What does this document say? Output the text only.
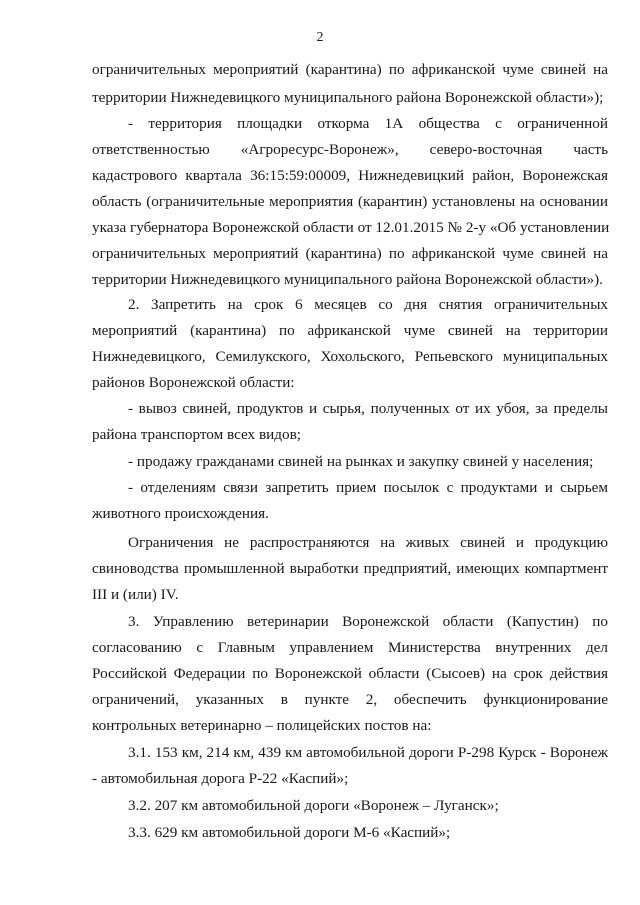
2
ограничительных мероприятий (карантина) по африканской чуме свиней на
территории Нижнедевицкого муниципального района Воронежской области»);
- территория площадки откорма 1А общества с ограниченной
ответственностью «Агроресурс-Воронеж», северо-восточная часть
кадастрового квартала 36:15:59:00009, Нижнедевицкий район, Воронежская
область (ограничительные мероприятия (карантин) установлены на основании
указа губернатора Воронежской области от 12.01.2015 № 2-у «Об установлении
ограничительных мероприятий (карантина) по африканской чуме свиней на
территории Нижнедевицкого муниципального района Воронежской области»).
2. Запретить на срок 6 месяцев со дня снятия ограничительных
мероприятий (карантина) по африканской чуме свиней на территории
Нижнедевицкого, Семилукского, Хохольского, Репьевского муниципальных
районов Воронежской области:
- вывоз свиней, продуктов и сырья, полученных от их убоя, за пределы
района транспортом всех видов;
- продажу гражданами свиней на рынках и закупку свиней у населения;
- отделениям связи запретить прием посылок с продуктами и сырьем
животного происхождения.
Ограничения не распространяются на живых свиней и продукцию
свиноводства промышленной выработки предприятий, имеющих компартмент
III и (или) IV.
3. Управлению ветеринарии Воронежской области (Капустин) по
согласованию с Главным управлением Министерства внутренних дел
Российской Федерации по Воронежской области (Сысоев) на срок действия
ограничений, указанных в пункте 2, обеспечить функционирование
контрольных ветеринарно – полицейских постов на:
3.1. 153 км, 214 км, 439 км автомобильной дороги Р-298 Курск - Воронеж
- автомобильная дорога Р-22 «Каспий»;
3.2. 207 км автомобильной дороги «Воронеж – Луганск»;
3.3. 629 км автомобильной дороги М-6 «Каспий»;
